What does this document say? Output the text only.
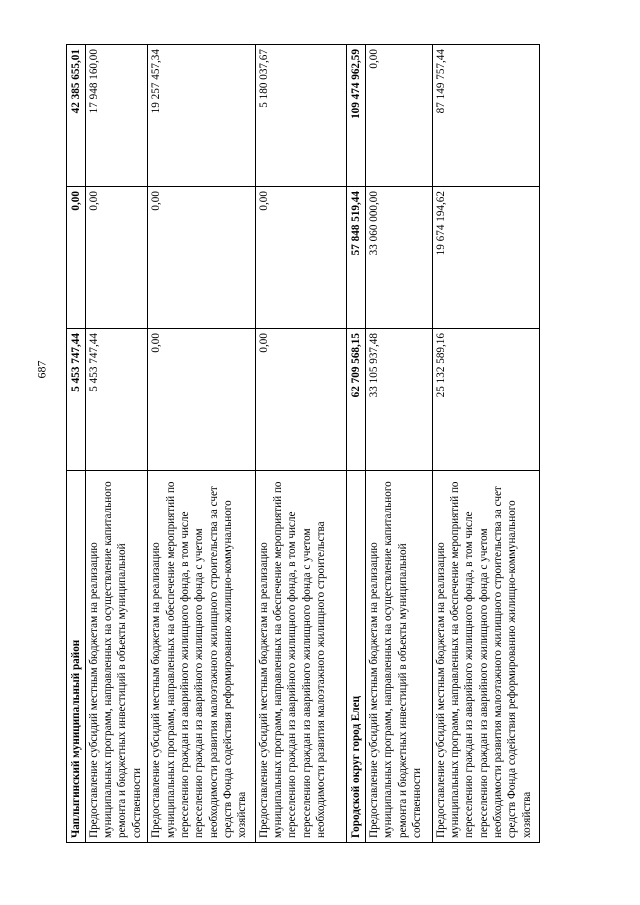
687
Чаплыгинский муниципальный район	5 453 747,44	0,00	42 385 655,01
Предоставление субсидий местным бюджетам на реализацию муниципальных программ, направленных на осуществление капитального ремонта и бюджетных инвестиций в объекты муниципальной собственности	5 453 747,44	0,00	17 948 160,00
Предоставление субсидий местным бюджетам на реализацию муниципальных программ, направленных на обеспечение мероприятий по переселению граждан из аварийного жилищного фонда, в том числе переселению граждан из аварийного жилищного фонда с учетом необходимости развития малоэтажного жилищного строительства за счет средств Фонда содействия реформированию жилищно-коммунального хозяйства	0,00	0,00	19 257 457,34
Предоставление субсидий местным бюджетам на реализацию муниципальных программ, направленных на обеспечение мероприятий по переселению граждан из аварийного жилищного фонда, в том числе переселению граждан из аварийного жилищного фонда с учетом необходимости развития малоэтажного жилищного строительства	0,00	0,00	5 180 037,67
Городской округ город Елец	62 709 568,15	57 848 519,44	109 474 962,59
Предоставление субсидий местным бюджетам на реализацию муниципальных программ, направленных на осуществление капитального ремонта и бюджетных инвестиций в объекты муниципальной собственности	33 105 937,48	33 060 000,00	0,00
Предоставление субсидий местным бюджетам на реализацию муниципальных программ, направленных на обеспечение мероприятий по переселению граждан из аварийного жилищного фонда, в том числе переселению граждан из аварийного жилищного фонда с учетом необходимости развития малоэтажного жилищного строительства за счет средств Фонда содействия реформированию жилищно-коммунального хозяйства	25 132 589,16	19 674 194,62	87 149 757,44
